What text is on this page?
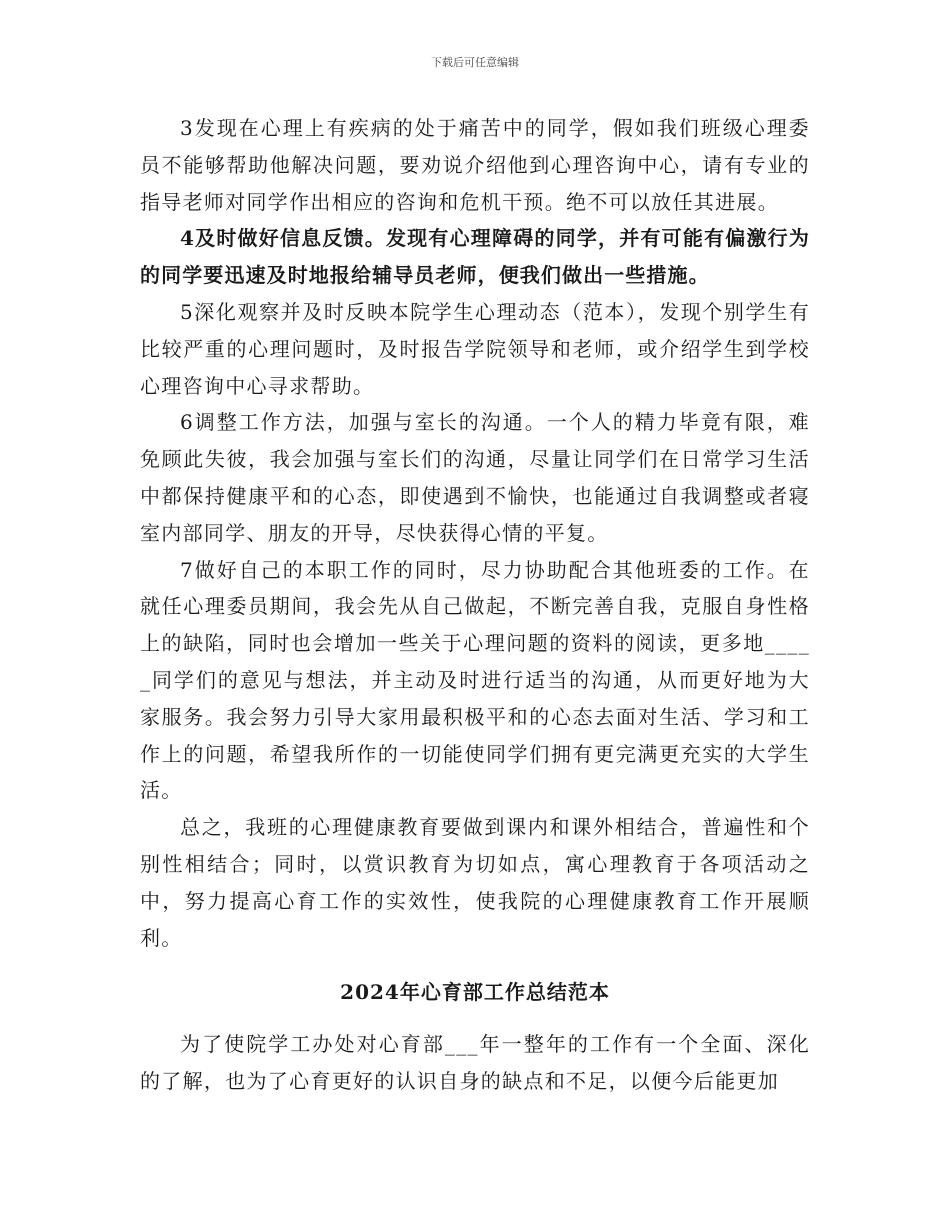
下载后可任意编辑

3发现在心理上有疾病的处于痛苦中的同学，假如我们班级心理委员不能够帮助他解决问题，要劝说介绍他到心理咨询中心，请有专业的指导老师对同学作出相应的咨询和危机干预。绝不可以放任其进展。

4及时做好信息反馈。发现有心理障碍的同学，并有可能有偏激行为的同学要迅速及时地报给辅导员老师，便我们做出一些措施。

5深化观察并及时反映本院学生心理动态（范本），发现个别学生有比较严重的心理问题时，及时报告学院领导和老师，或介绍学生到学校心理咨询中心寻求帮助。

6调整工作方法，加强与室长的沟通。一个人的精力毕竟有限，难免顾此失彼，我会加强与室长们的沟通，尽量让同学们在日常学习生活中都保持健康平和的心态，即使遇到不愉快，也能通过自我调整或者寝室内部同学、朋友的开导，尽快获得心情的平复。

7做好自己的本职工作的同时，尽力协助配合其他班委的工作。在就任心理委员期间，我会先从自己做起，不断完善自我，克服自身性格上的缺陷，同时也会增加一些关于心理问题的资料的阅读，更多地_____同学们的意见与想法，并主动及时进行适当的沟通，从而更好地为大家服务。我会努力引导大家用最积极平和的心态去面对生活、学习和工作上的问题，希望我所作的一切能使同学们拥有更完满更充实的大学生活。

总之，我班的心理健康教育要做到课内和课外相结合，普遍性和个别性相结合；同时，以赏识教育为切如点，寓心理教育于各项活动之中，努力提高心育工作的实效性，使我院的心理健康教育工作开展顺利。

2024年心育部工作总结范本

为了使院学工办处对心育部___年一整年的工作有一个全面、深化的了解，也为了心育更好的认识自身的缺点和不足，以便今后能更加
